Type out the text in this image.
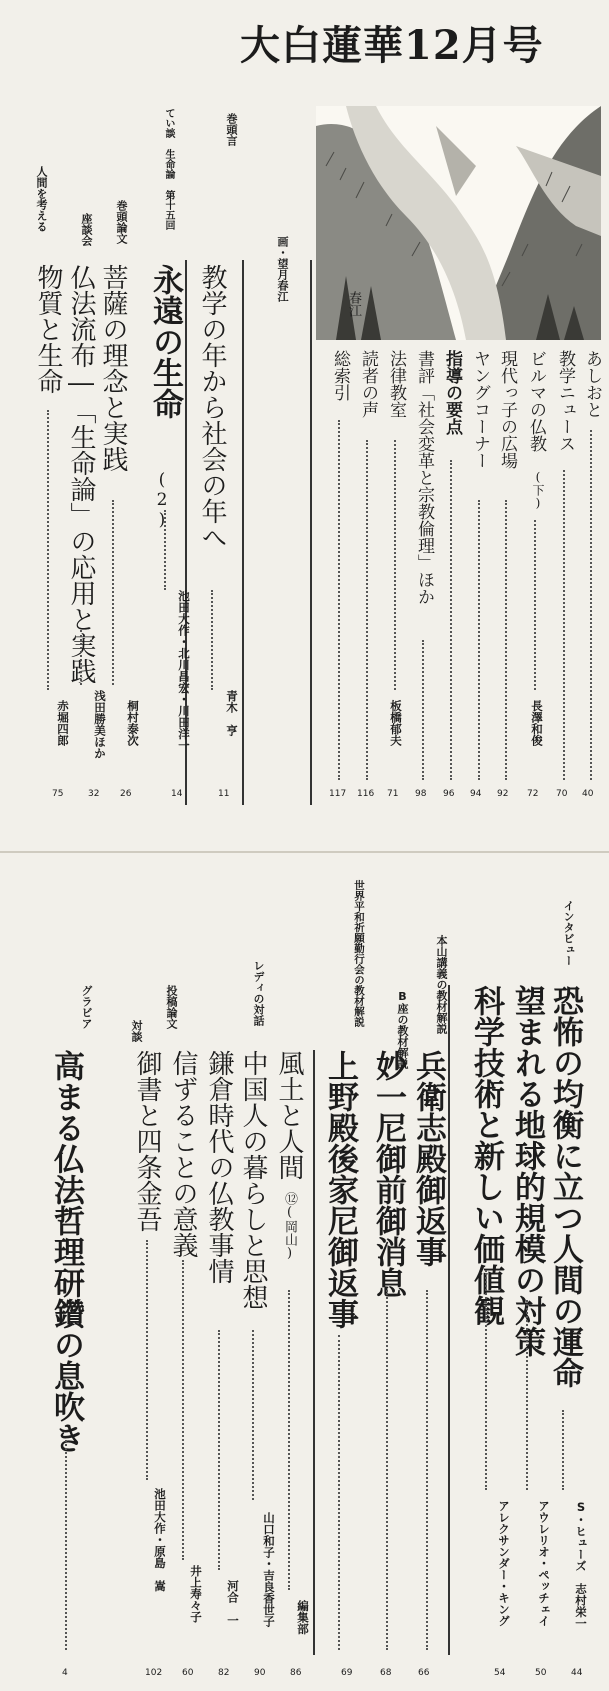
大白蓮華12月号
画・望月春江
春江
巻頭言
教学の年から社会の年へ
青木　亨
11
てい談 生命論 第十五回
永遠の生命
(2)
池田大作・北川昌宏・川田洋一
14
巻頭論文
菩薩の理念と実践
桐村泰次
26
座談会
仏法流布―「生命論」の応用と実践
浅田勝美ほか
32
人間を考える
物質と生命
赤堀四郎
75
あしおと
40
教学ニュース
70
ビルマの仏教
(下)
長澤和俊
72
現代っ子の広場
92
ヤングコーナー
94
指導の要点
96
書評「社会変革と宗教倫理」ほか
98
法律教室
板橋郁夫
71
読者の声
116
総索引
117
インタビュー
恐怖の均衡に立つ人間の運命
S・ヒューズ　志村栄一
44
望まれる地球的規模の対策
アウレリオ・ペッチェイ
50
科学技術と新しい価値観
アレクサンダー・キング
54
本山講義の教材解説
兵衛志殿御返事
66
B座の教材解説
妙一尼御前御消息
68
世界平和祈願勤行会の教材解説
上野殿後家尼御返事
69
風土と人間
⑫(岡山)
編集部
86
レディの対話
中国人の暮らしと思想
山口和子・吉良香世子
90
鎌倉時代の仏教事情
河合　一
82
投稿論文
信ずることの意義
井上寿々子
60
対談
御書と四条金吾
池田大作・原島　嵩
102
グラビア
高まる仏法哲理研鑽の息吹き
4
